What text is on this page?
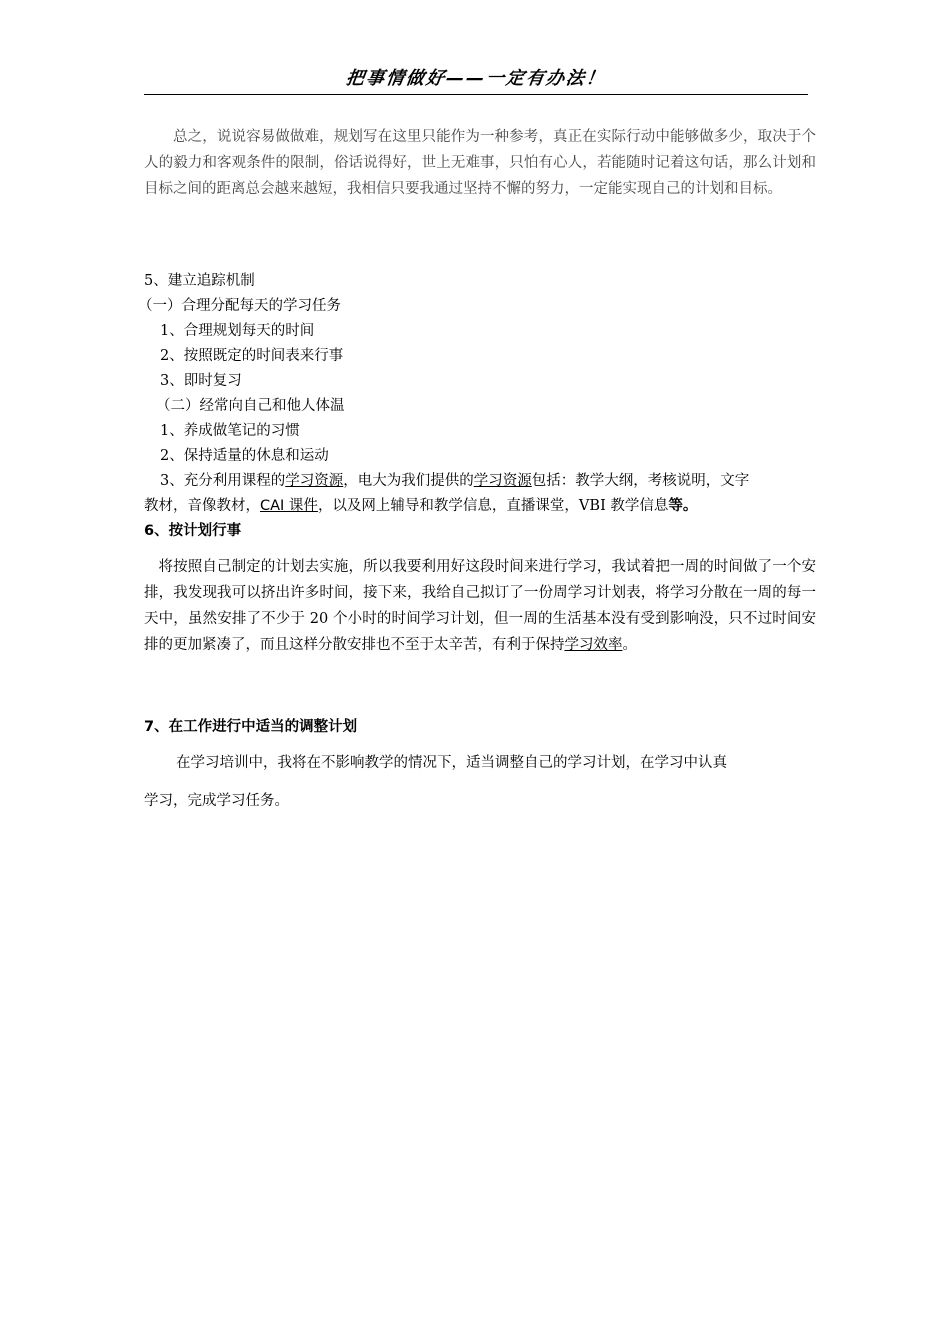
把事情做好——一定有办法！

总之，说说容易做做难，规划写在这里只能作为一种参考，真正在实际行动中能够做多少，取决于个人的毅力和客观条件的限制，俗话说得好，世上无难事，只怕有心人，若能随时记着这句话，那么计划和目标之间的距离总会越来越短，我相信只要我通过坚持不懈的努力，一定能实现自己的计划和目标。

5、建立追踪机制
（一）合理分配每天的学习任务
1、合理规划每天的时间
2、按照既定的时间表来行事
3、即时复习
（二）经常向自己和他人体温
1、养成做笔记的习惯
2、保持适量的休息和运动
3、充分利用课程的学习资源，电大为我们提供的学习资源包括：教学大纲，考核说明，文字
教材，音像教材，CAI 课件，以及网上辅导和教学信息，直播课堂，VBI 教学信息等。
6、按计划行事

将按照自己制定的计划去实施，所以我要利用好这段时间来进行学习，我试着把一周的时间做了一个安排，我发现我可以挤出许多时间，接下来，我给自己拟订了一份周学习计划表，将学习分散在一周的每一天中，虽然安排了不少于 20 个小时的时间学习计划，但一周的生活基本没有受到影响没，只不过时间安排的更加紧凑了，而且这样分散安排也不至于太辛苦，有利于保持学习效率。

7、在工作进行中适当的调整计划
在学习培训中，我将在不影响教学的情况下，适当调整自己的学习计划，在学习中认真
学习，完成学习任务。
